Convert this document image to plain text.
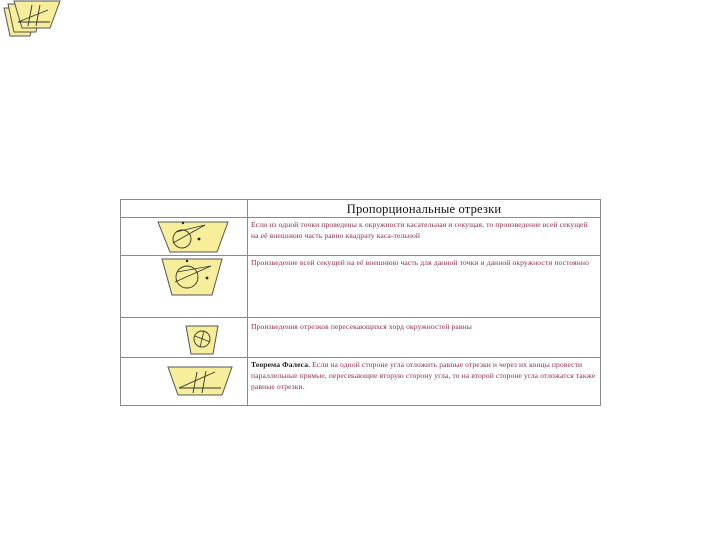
	Пропорциональные отрезки

Если из одной точки проведены к окружности касательная и секущая, то произведение всей секущей на её внешнюю часть равно квадрату каса-тельной

Произведение всей секущей на её внешнюю часть для данной точки и данной окружности постоянно

Произведения отрезков пересекающихся хорд окружностей равны

Теорема Фалеса. Если на одной стороне угла отложить равные отрезки и через их концы провести параллельные прямые, пересекающие вторую сторону угла, то на второй стороне угла отложатся также равные отрезки.
